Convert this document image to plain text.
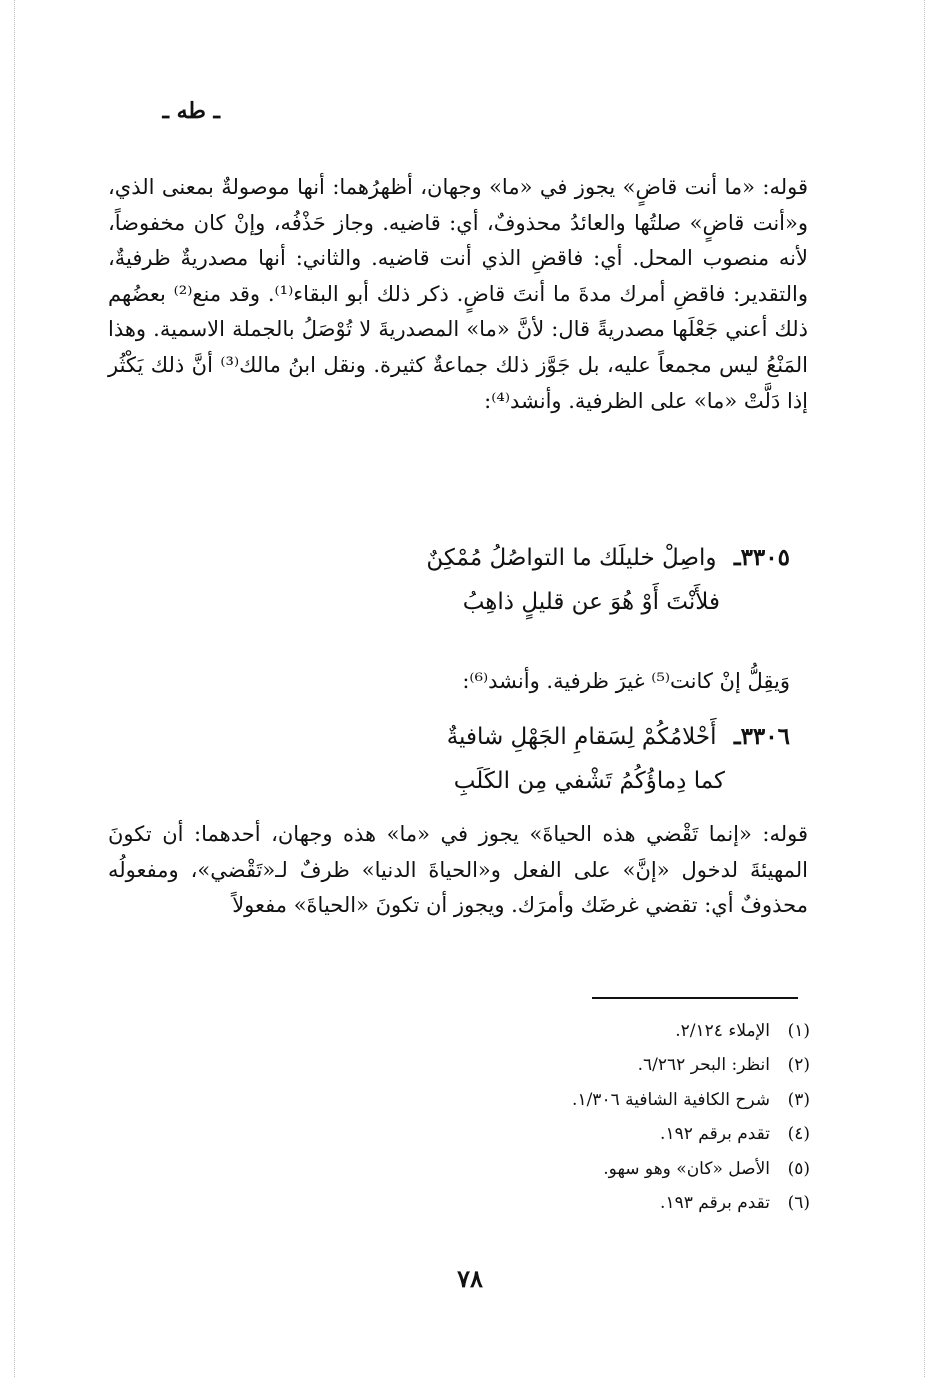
ـ طه ـ

قوله: «ما أنت قاضٍ» يجوز في «ما» وجهان، أظهرُهما: أنها موصولةٌ بمعنى الذي، و«أنت قاضٍ» صلتُها والعائدُ محذوفٌ، أي: قاضيه. وجاز حَذْفُه، وإنْ كان مخفوضاً، لأنه منصوب المحل. أي: فاقضِ الذي أنت قاضيه. والثاني: أنها مصدريةٌ ظرفيةٌ، والتقدير: فاقضِ أمرك مدةَ ما أنتَ قاضٍ. ذكر ذلك أبو البقاء⁽¹⁾. وقد منع⁽²⁾ بعضُهم ذلك أعني جَعْلَها مصدريةً قال: لأنَّ «ما» المصدريةَ لا تُوْصَلُ بالجملة الاسمية. وهذا المَنْعُ ليس مجمعاً عليه، بل جَوَّز ذلك جماعةٌ كثيرة. ونقل ابنُ مالك⁽³⁾ أنَّ ذلك يَكْثُر إذا دَلَّتْ «ما» على الظرفية. وأنشد⁽⁴⁾:

٣٣٠٥ـ واصِلْ خليلَك ما التواصُلُ مُمْكِنٌ
فلأَنْتَ أَوْ هُوَ عن قليلٍ ذاهِبُ
وَيقِلُّ إنْ كانت⁽⁵⁾ غيرَ ظرفية. وأنشد⁽⁶⁾:
٣٣٠٦ـ أَحْلامُكُمْ لِسَقامِ الجَهْلِ شافيةٌ
كما دِماؤُكُمُ تَشْفي مِن الكَلَبِ

قوله: «إنما تَقْضي هذه الحياةَ» يجوز في «ما» هذه وجهان، أحدهما: أن تكونَ المهيئةَ لدخول «إنَّ» على الفعل و«الحياةَ الدنيا» ظرفٌ لـ«تَقْضي»، ومفعولُه محذوفٌ أي: تقضي غرضَك وأمرَك. ويجوز أن تكونَ «الحياةَ» مفعولاً

(١)الإملاء ٢/١٢٤.
(٢)انظر: البحر ٦/٢٦٢.
(٣)شرح الكافية الشافية ١/٣٠٦.
(٤)تقدم برقم ١٩٢.
(٥)الأصل «كان» وهو سهو.
(٦)تقدم برقم ١٩٣.
٧٨
